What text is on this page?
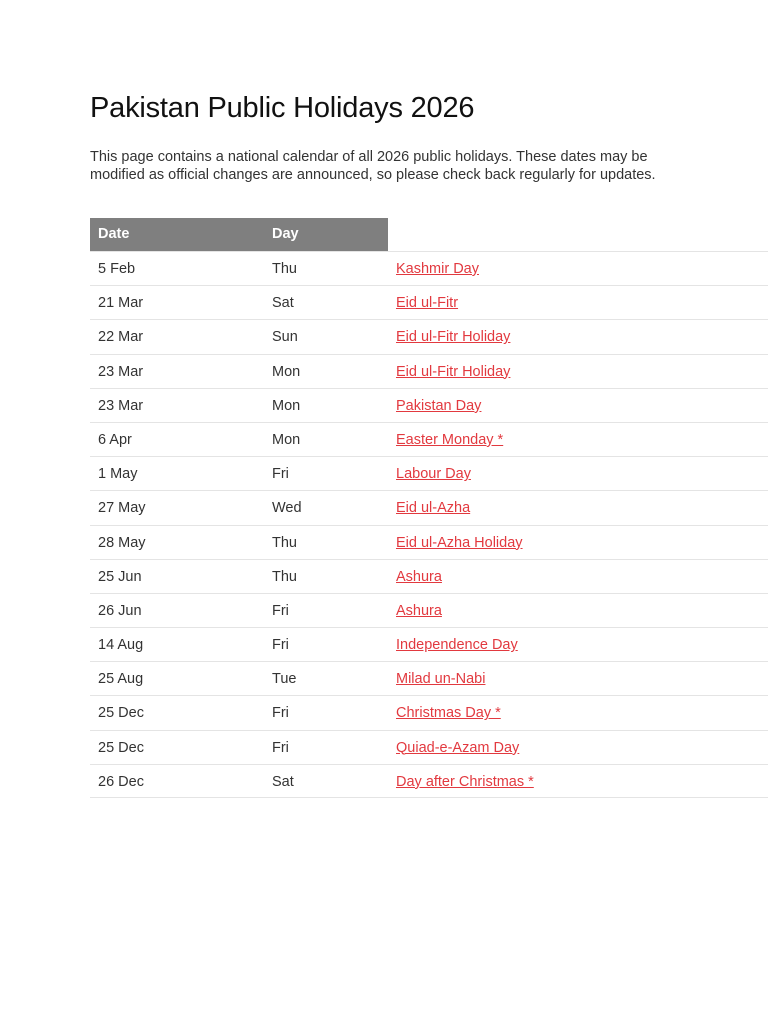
Pakistan Public Holidays 2026

This page contains a national calendar of all 2026 public holidays. These dates may be modified as official changes are announced, so please check back regularly for updates.

Date	Day
5 Feb	Thu	Kashmir Day
21 Mar	Sat	Eid ul-Fitr
22 Mar	Sun	Eid ul-Fitr Holiday
23 Mar	Mon	Eid ul-Fitr Holiday
23 Mar	Mon	Pakistan Day
6 Apr	Mon	Easter Monday *
1 May	Fri	Labour Day
27 May	Wed	Eid ul-Azha
28 May	Thu	Eid ul-Azha Holiday
25 Jun	Thu	Ashura
26 Jun	Fri	Ashura
14 Aug	Fri	Independence Day
25 Aug	Tue	Milad un-Nabi
25 Dec	Fri	Christmas Day *
25 Dec	Fri	Quiad-e-Azam Day
26 Dec	Sat	Day after Christmas *
